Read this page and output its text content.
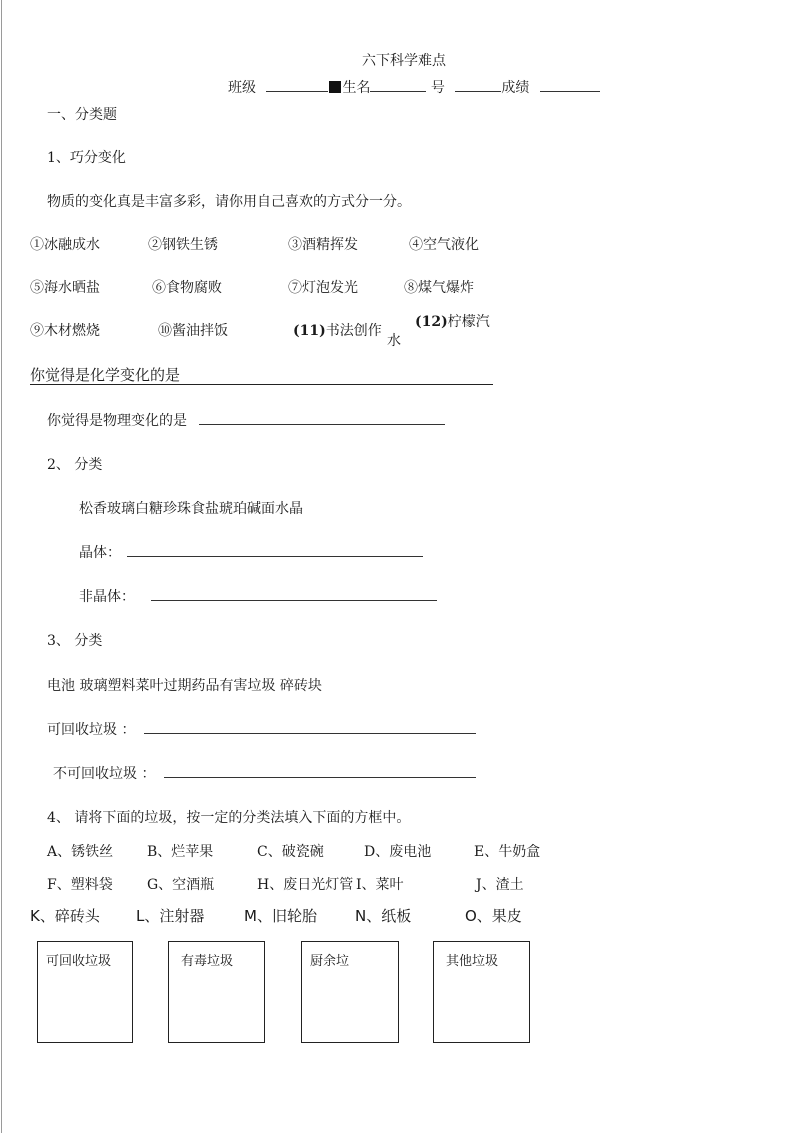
六下科学难点
班级	生名	号	成绩
一、分类题
1、巧分变化
物质的变化真是丰富多彩，请你用自己喜欢的方式分一分。
①冰融成水	②钢铁生锈	③酒精挥发	④空气液化
⑤海水晒盐	⑥食物腐败	⑦灯泡发光	⑧煤气爆炸
⑨木材燃烧	⑩酱油拌饭	(11)书法创作
(12)柠檬汽
水
你觉得是化学变化的是
你觉得是物理变化的是
2、 分类
松香玻璃白糖珍珠食盐琥珀碱面水晶
晶体：
非晶体：
3、 分类
电池 玻璃塑料菜叶过期药品有害垃圾 碎砖块
可回收垃圾 ：
不可回收垃圾 ：
4、 请将下面的垃圾，按一定的分类法填入下面的方框中。
A、锈铁丝 B、烂苹果	C、破瓷碗	D、废电池	E、牛奶盒
F、塑料袋 G、空酒瓶	H、废日光灯管 I、菜叶	J、渣土
K、碎砖头 L、注射器	M、旧轮胎	N、纸板	O、果皮
可回收垃圾	有毒垃圾	厨余垃	其他垃圾
